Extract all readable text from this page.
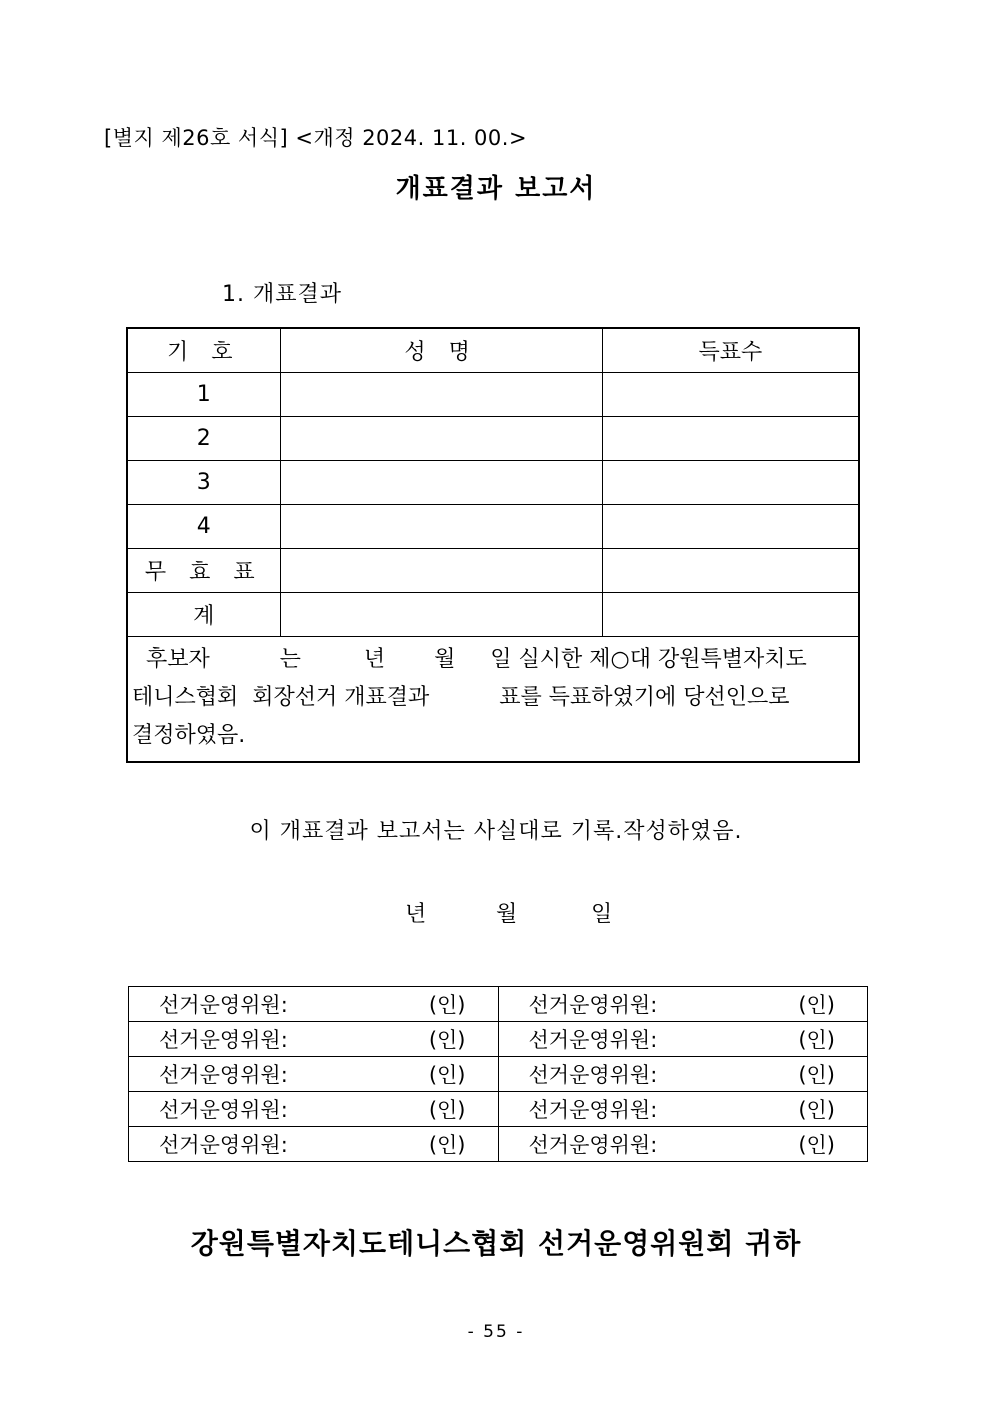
[별지 제26호 서식] <개정 2024. 11. 00.>
개표결과 보고서
1. 개표결과
기 호	성 명	득표수
1		
2		
3		
4		
무 효 표		
계		

후보자          는         년       월     일 실시한 제○대 강원특별자치도
테니스협회  회장선거 개표결과          표를 득표하였기에 당선인으로
결정하였음.		
이 개표결과 보고서는 사실대로 기록.작성하였음.
년	월	일
선거운영위원: (인)	선거운영위원: (인)

선거운영위원: (인)	선거운영위원: (인)

선거운영위원: (인)	선거운영위원: (인)

선거운영위원: (인)	선거운영위원: (인)

선거운영위원: (인)	선거운영위원: (인)
강원특별자치도테니스협회 선거운영위원회 귀하
- 55 -
